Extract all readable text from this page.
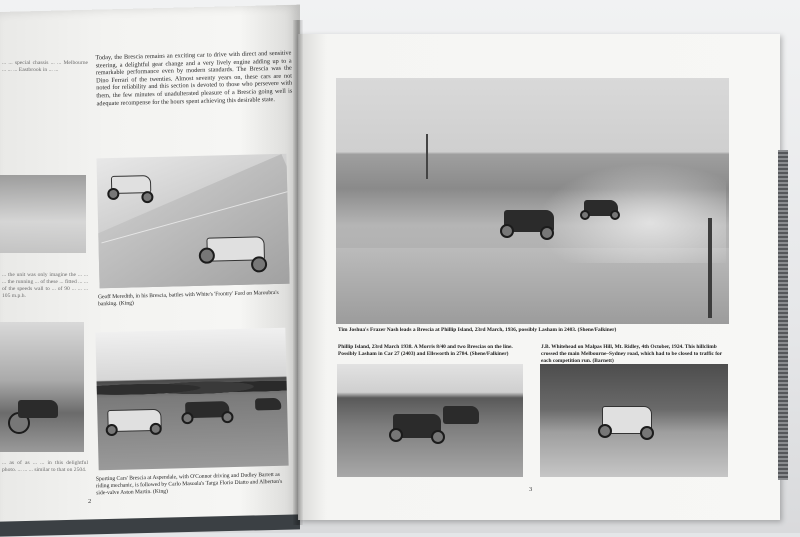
... ... special chassis ... ... Melbourne ... ... ... Eastbrook in ... ...
... the unit was only imagine the ... ... ... the running ... of these ... fitted ... ... of the speeds wall to ... of 90 ... ... ... 105 m.p.h.
... as of as ... ... in this delightful photo. ... ... ... similar to that on 2504.
Today, the Brescia remains an exciting car to drive with direct and sensitive steering, a delightful gear change and a very lively engine adding up to a remarkable performance even by modern standards. The Brescia was the Dino Ferrari of the twenties. Almost seventy years on, these cars are not noted for reliability and this section is devoted to those who persevere with them, the few minutes of unadulterated pleasure of a Brescia going well is adequate recompense for the hours spent achieving this desirable state.
Geoff Meredith, in his Brescia, battles with White's 'Frontry' Ford on Maroubra's banking. (King)
Sporting Cars' Brescia at Aspendale, with O'Connor driving and Dudley Barrett as riding mechanic, is followed by Carlo Masoala's Targa Florio Diatto and Alberton's side-valve Aston Martin. (King)
2
Tim Joshua's Frazer Nash leads a Brescia at Phillip Island, 23rd March, 1936, possibly Lasham in 2403. (Shene/Falkiner)
Phillip Island, 23rd March 1938. A Morris 8/40 and two Brescias on the line. Possibly Lasham in Car 27 (2403) and Ellsworth in 2784. (Shene/Falkiner)
J.B. Whitehead on Malpas Hill, Mt. Ridley, 4th October, 1924. This hillclimb crossed the main Melbourne–Sydney road, which had to be closed to traffic for each competition run. (Barnett)
3
